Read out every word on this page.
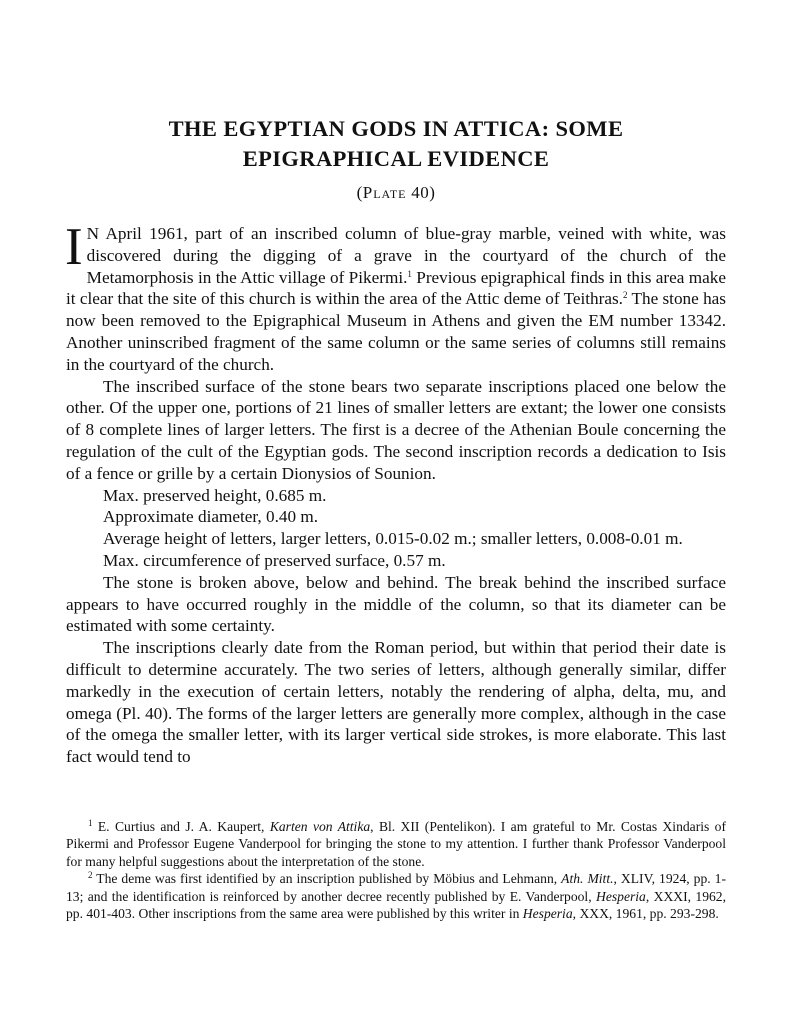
THE EGYPTIAN GODS IN ATTICA: SOME
EPIGRAPHICAL EVIDENCE
(Plate 40)

I N April 1961, part of an inscribed column of blue-gray marble, veined with white, was discovered during the digging of a grave in the courtyard of the church of the Metamorphosis in the Attic village of Pikermi.$^1$ Previous epigraphical finds in this area make it clear that the site of this church is within the area of the Attic deme of Teithras.$^2$ The stone has now been removed to the Epigraphical Museum in Athens and given the EM number 13342. Another uninscribed fragment of the same column or the same series of columns still remains in the courtyard of the church.

The inscribed surface of the stone bears two separate inscriptions placed one below the other. Of the upper one, portions of 21 lines of smaller letters are extant; the lower one consists of 8 complete lines of larger letters. The first is a decree of the Athenian Boule concerning the regulation of the cult of the Egyptian gods. The second inscription records a dedication to Isis of a fence or grille by a certain Dionysios of Sounion.

Max. preserved height, 0.685 m.

Approximate diameter, 0.40 m.

Average height of letters, larger letters, 0.015-0.02 m.; smaller letters, 0.008-0.01 m.

Max. circumference of preserved surface, 0.57 m.

The stone is broken above, below and behind. The break behind the inscribed surface appears to have occurred roughly in the middle of the column, so that its diameter can be estimated with some certainty.

The inscriptions clearly date from the Roman period, but within that period their date is difficult to determine accurately. The two series of letters, although generally similar, differ markedly in the execution of certain letters, notably the rendering of alpha, delta, mu, and omega (Pl. 40). The forms of the larger letters are generally more complex, although in the case of the omega the smaller letter, with its larger vertical side strokes, is more elaborate. This last fact would tend to

$^1$ E. Curtius and J. A. Kaupert, Karten von Attika, Bl. XII (Pentelikon). I am grateful to Mr. Costas Xindaris of Pikermi and Professor Eugene Vanderpool for bringing the stone to my attention. I further thank Professor Vanderpool for many helpful suggestions about the interpretation of the stone.

$^2$ The deme was first identified by an inscription published by Möbius and Lehmann, Ath. Mitt., XLIV, 1924, pp. 1-13; and the identification is reinforced by another decree recently published by E. Vanderpool, Hesperia, XXXI, 1962, pp. 401-403. Other inscriptions from the same area were published by this writer in Hesperia, XXX, 1961, pp. 293-298.
